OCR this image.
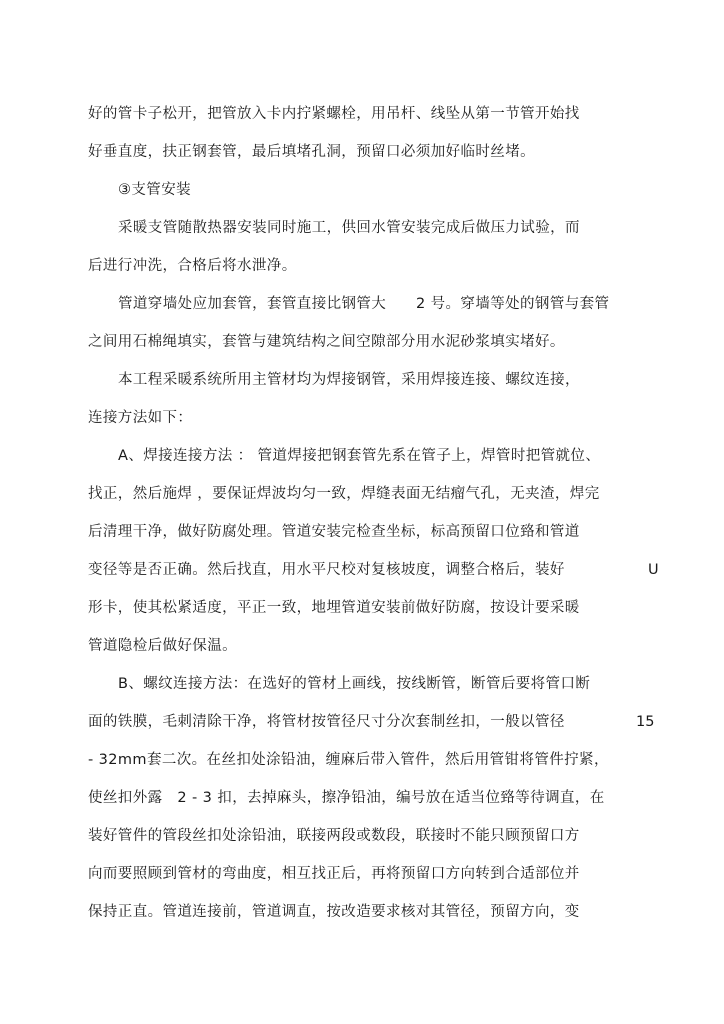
好的管卡子松开，把管放入卡内拧紧螺栓，用吊杆、线坠从第一节管开始找
好垂直度，扶正钢套管，最后填堵孔洞，预留口必须加好临时丝堵。
③支管安装
采暖支管随散热器安装同时施工，供回水管安装完成后做压力试验，而
后进行冲洗，合格后将水泄净。
管道穿墙处应加套管，套管直接比钢管大　　2 号。穿墙等处的钢管与套管
之间用石棉绳填实，套管与建筑结构之间空隙部分用水泥砂浆填实堵好。
本工程采暖系统所用主管材均为焊接钢管，采用焊接连接、螺纹连接，
连接方法如下：
A、焊接连接方法 ： 管道焊接把钢套管先系在管子上，焊管时把管就位、
找正，然后施焊 ，要保证焊波均匀一致，焊缝表面无结瘤气孔，无夹渣，焊完
后清理干净，做好防腐处理。管道安装完检查坐标，标高预留口位臵和管道
变径等是否正确。然后找直，用水平尺校对复核坡度，调整合格后，装好	U
形卡，使其松紧适度，平正一致，地埋管道安装前做好防腐，按设计要采暖
管道隐检后做好保温。
B、螺纹连接方法：在选好的管材上画线，按线断管，断管后要将管口断
面的铁膜，毛刺清除干净，将管材按管径尺寸分次套制丝扣，一般以管径	15
- 32mm套二次。在丝扣处涂铅油，缠麻后带入管件，然后用管钳将管件拧紧，
使丝扣外露　2 - 3 扣，去掉麻头，擦净铅油，编号放在适当位臵等待调直，在
装好管件的管段丝扣处涂铅油，联接两段或数段，联接时不能只顾预留口方
向而要照顾到管材的弯曲度，相互找正后，再将预留口方向转到合适部位并
保持正直。管道连接前，管道调直，按改造要求核对其管径，预留方向，变
